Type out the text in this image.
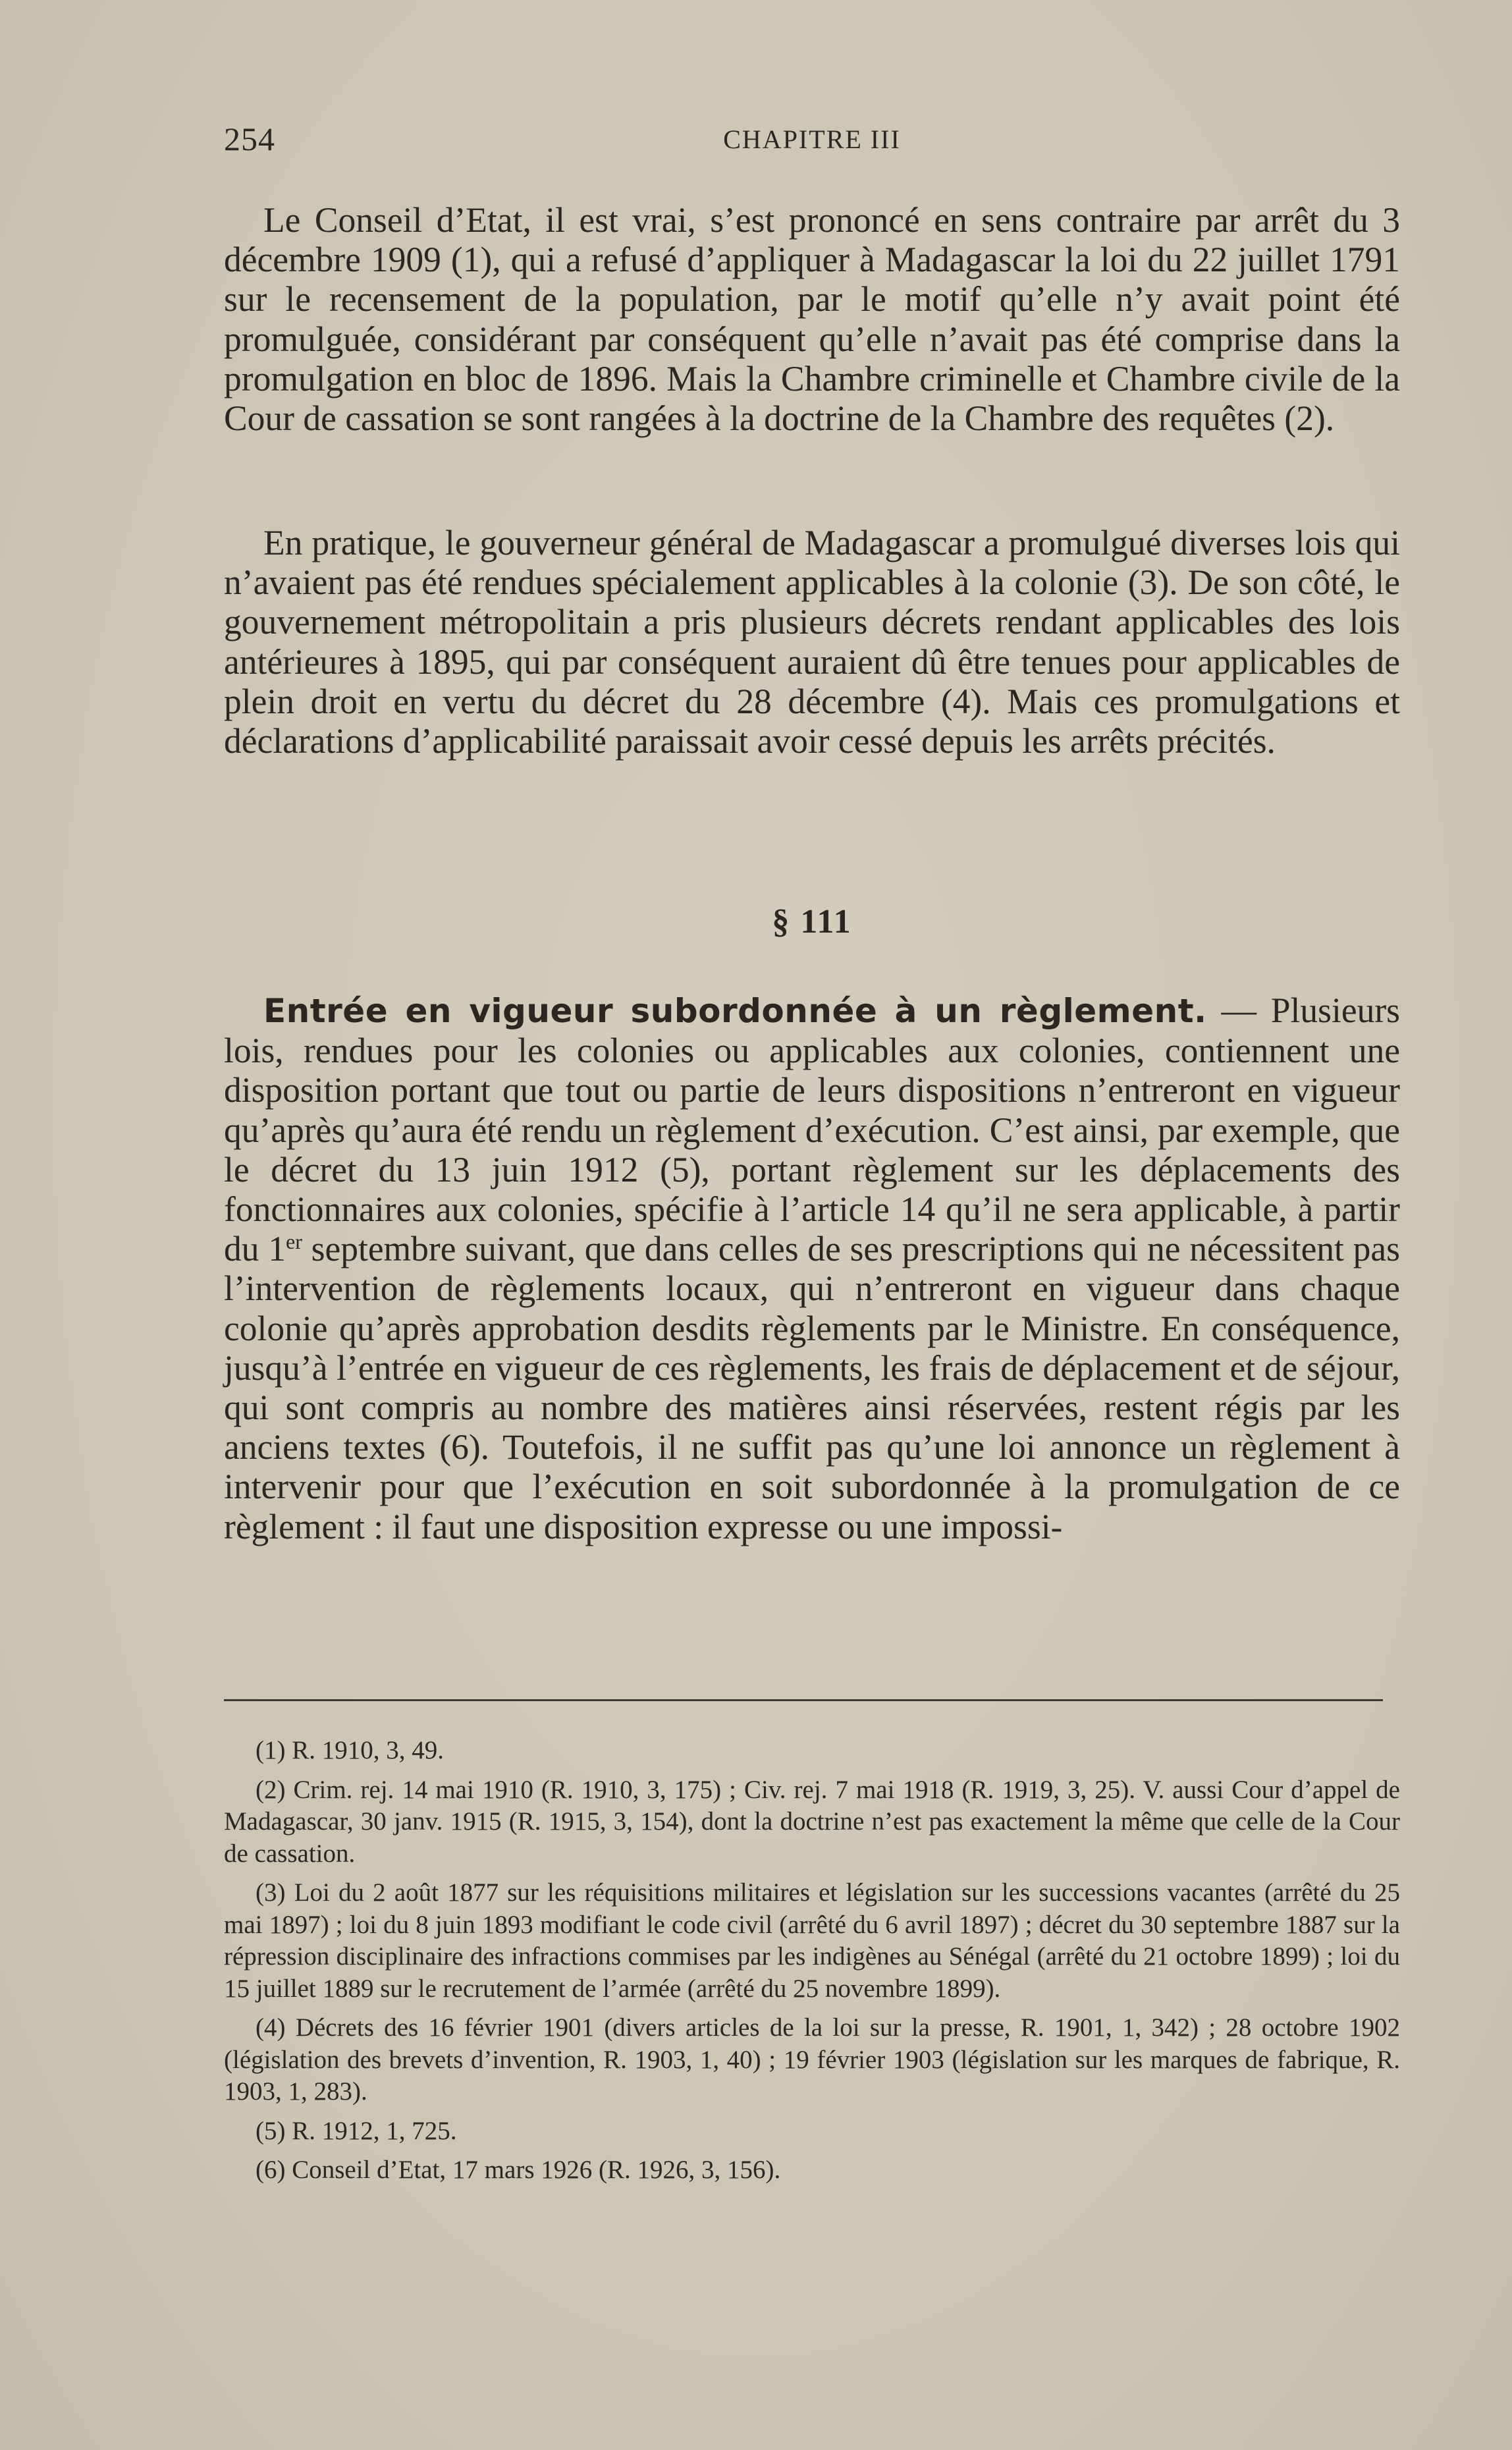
254	CHAPITRE III

Le Conseil d’Etat, il est vrai, s’est prononcé en sens contraire par arrêt du 3 décembre 1909 (1), qui a refusé d’appliquer à Madagascar la loi du 22 juillet 1791 sur le recensement de la population, par le motif qu’elle n’y avait point été promulguée, considérant par conséquent qu’elle n’avait pas été comprise dans la promulgation en bloc de 1896. Mais la Chambre criminelle et Chambre civile de la Cour de cassation se sont rangées à la doctrine de la Chambre des requêtes (2).

En pratique, le gouverneur général de Madagascar a promulgué diverses lois qui n’avaient pas été rendues spécialement applicables à la colonie (3). De son côté, le gouvernement métropolitain a pris plusieurs décrets rendant applicables des lois antérieures à 1895, qui par conséquent auraient dû être tenues pour applicables de plein droit en vertu du décret du 28 décembre (4). Mais ces promulgations et déclarations d’applicabilité paraissait avoir cessé depuis les arrêts précités.

§ 111

Entrée en vigueur subordonnée à un règlement. — Plusieurs lois, rendues pour les colonies ou applicables aux colonies, contiennent une disposition portant que tout ou partie de leurs dispositions n’entreront en vigueur qu’après qu’aura été rendu un règlement d’exécution. C’est ainsi, par exemple, que le décret du 13 juin 1912 (5), portant règlement sur les déplacements des fonctionnaires aux colonies, spécifie à l’article 14 qu’il ne sera applicable, à partir du 1er septembre suivant, que dans celles de ses prescriptions qui ne nécessitent pas l’intervention de règlements locaux, qui n’entreront en vigueur dans chaque colonie qu’après approbation desdits règlements par le Ministre. En conséquence, jusqu’à l’entrée en vigueur de ces règlements, les frais de déplacement et de séjour, qui sont compris au nombre des matières ainsi réservées, restent régis par les anciens textes (6). Toutefois, il ne suffit pas qu’une loi annonce un règlement à intervenir pour que l’exécution en soit subordonnée à la promulgation de ce règlement : il faut une disposition expresse ou une impossi-

(1) R. 1910, 3, 49.

(2) Crim. rej. 14 mai 1910 (R. 1910, 3, 175) ; Civ. rej. 7 mai 1918 (R. 1919, 3, 25). V. aussi Cour d’appel de Madagascar, 30 janv. 1915 (R. 1915, 3, 154), dont la doctrine n’est pas exactement la même que celle de la Cour de cassation.

(3) Loi du 2 août 1877 sur les réquisitions militaires et législation sur les successions vacantes (arrêté du 25 mai 1897) ; loi du 8 juin 1893 modifiant le code civil (arrêté du 6 avril 1897) ; décret du 30 septembre 1887 sur la répression disciplinaire des infractions commises par les indigènes au Sénégal (arrêté du 21 octobre 1899) ; loi du 15 juillet 1889 sur le recrutement de l’armée (arrêté du 25 novembre 1899).

(4) Décrets des 16 février 1901 (divers articles de la loi sur la presse, R. 1901, 1, 342) ; 28 octobre 1902 (législation des brevets d’invention, R. 1903, 1, 40) ; 19 février 1903 (législation sur les marques de fabrique, R. 1903, 1, 283).

(5) R. 1912, 1, 725.

(6) Conseil d’Etat, 17 mars 1926 (R. 1926, 3, 156).
